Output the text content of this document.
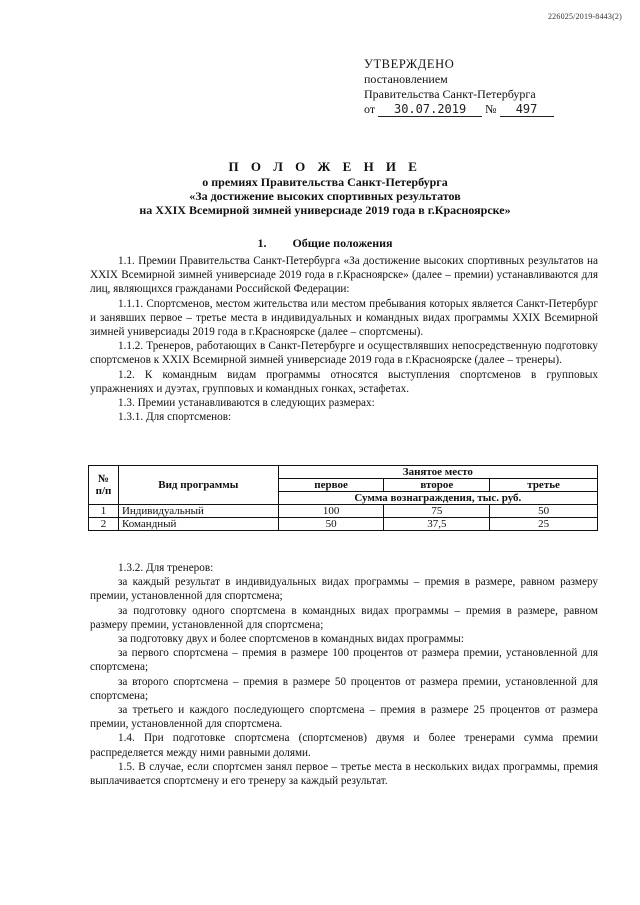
226025/2019-8443(2)
УТВЕРЖДЕНО
постановлением
Правительства Санкт-Петербурга
от 30.07.2019 № 497
П О Л О Ж Е Н И Е
о премиях Правительства Санкт-Петербурга
«За достижение высоких спортивных результатов
на XXIX Всемирной зимней универсиаде 2019 года в г.Красноярске»
1. Общие положения

1.1. Премии Правительства Санкт-Петербурга «За достижение высоких спортивных результатов на XXIX Всемирной зимней универсиаде 2019 года в г.Красноярске» (далее – премии) устанавливаются для лиц, являющихся гражданами Российской Федерации:

1.1.1. Спортсменов, местом жительства или местом пребывания которых является Санкт-Петербург и занявших первое – третье места в индивидуальных и командных видах программы XXIX Всемирной зимней универсиады 2019 года в г.Красноярске (далее – спортсмены).

1.1.2. Тренеров, работающих в Санкт-Петербурге и осуществлявших непосредственную подготовку спортсменов к XXIX Всемирной зимней универсиаде 2019 года в г.Красноярске (далее – тренеры).

1.2. К командным видам программы относятся выступления спортсменов в групповых упражнениях и дуэтах, групповых и командных гонках, эстафетах.

1.3. Премии устанавливаются в следующих размерах:

1.3.1. Для спортсменов:

№ п/п	Вид программы	Занятое место		
		первое	второе	третье
		Сумма вознаграждения, тыс. руб.		
1	Индивидуальный	100	75	50
2	Командный	50	37,5	25

1.3.2. Для тренеров:

за каждый результат в индивидуальных видах программы – премия в размере, равном размеру премии, установленной для спортсмена;

за подготовку одного спортсмена в командных видах программы – премия в размере, равном размеру премии, установленной для спортсмена;

за подготовку двух и более спортсменов в командных видах программы:

за первого спортсмена – премия в размере 100 процентов от размера премии, установленной для спортсмена;

за второго спортсмена – премия в размере 50 процентов от размера премии, установленной для спортсмена;

за третьего и каждого последующего спортсмена – премия в размере 25 процентов от размера премии, установленной для спортсмена.

1.4. При подготовке спортсмена (спортсменов) двумя и более тренерами сумма премии распределяется между ними равными долями.

1.5. В случае, если спортсмен занял первое – третье места в нескольких видах программы, премия выплачивается спортсмену и его тренеру за каждый результат.
